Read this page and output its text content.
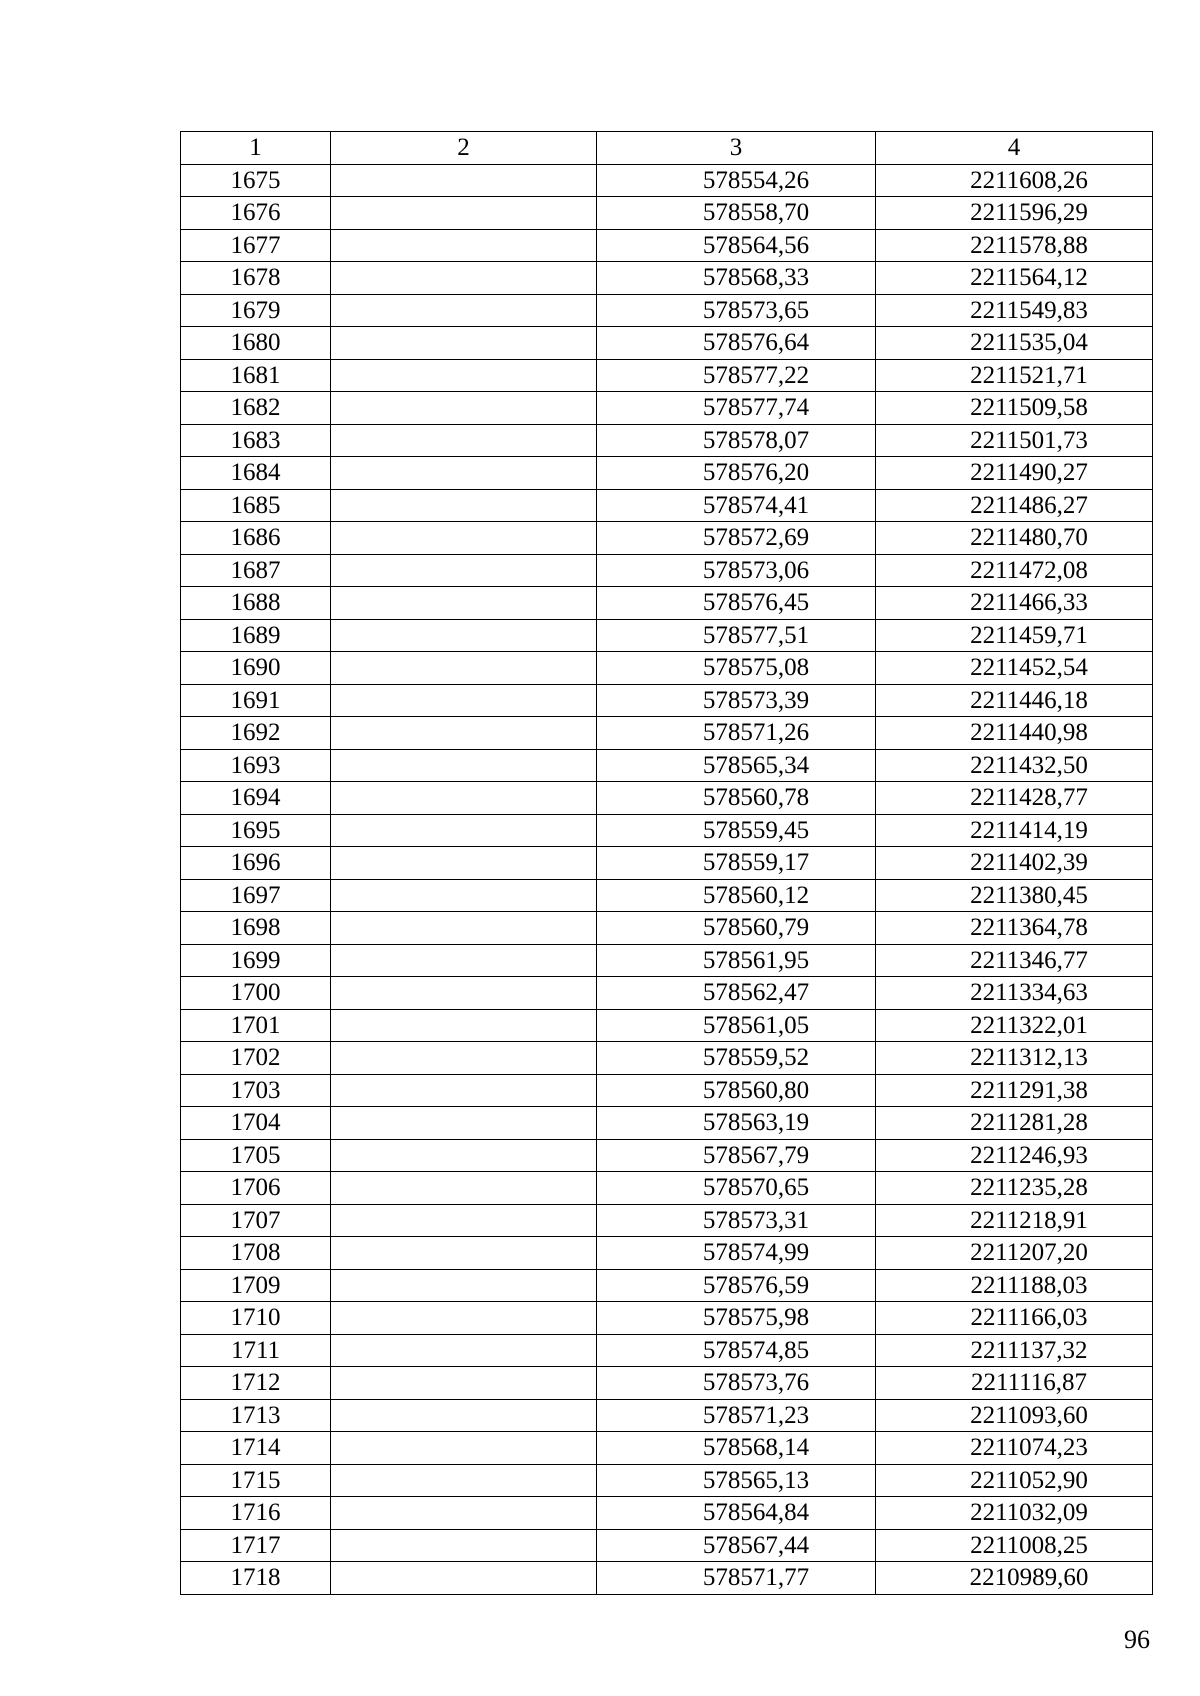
1	2	3	4
1675		578554,26	2211608,26
1676		578558,70	2211596,29
1677		578564,56	2211578,88
1678		578568,33	2211564,12
1679		578573,65	2211549,83
1680		578576,64	2211535,04
1681		578577,22	2211521,71
1682		578577,74	2211509,58
1683		578578,07	2211501,73
1684		578576,20	2211490,27
1685		578574,41	2211486,27
1686		578572,69	2211480,70
1687		578573,06	2211472,08
1688		578576,45	2211466,33
1689		578577,51	2211459,71
1690		578575,08	2211452,54
1691		578573,39	2211446,18
1692		578571,26	2211440,98
1693		578565,34	2211432,50
1694		578560,78	2211428,77
1695		578559,45	2211414,19
1696		578559,17	2211402,39
1697		578560,12	2211380,45
1698		578560,79	2211364,78
1699		578561,95	2211346,77
1700		578562,47	2211334,63
1701		578561,05	2211322,01
1702		578559,52	2211312,13
1703		578560,80	2211291,38
1704		578563,19	2211281,28
1705		578567,79	2211246,93
1706		578570,65	2211235,28
1707		578573,31	2211218,91
1708		578574,99	2211207,20
1709		578576,59	2211188,03
1710		578575,98	2211166,03
1711		578574,85	2211137,32
1712		578573,76	2211116,87
1713		578571,23	2211093,60
1714		578568,14	2211074,23
1715		578565,13	2211052,90
1716		578564,84	2211032,09
1717		578567,44	2211008,25
1718		578571,77	2210989,60
96
